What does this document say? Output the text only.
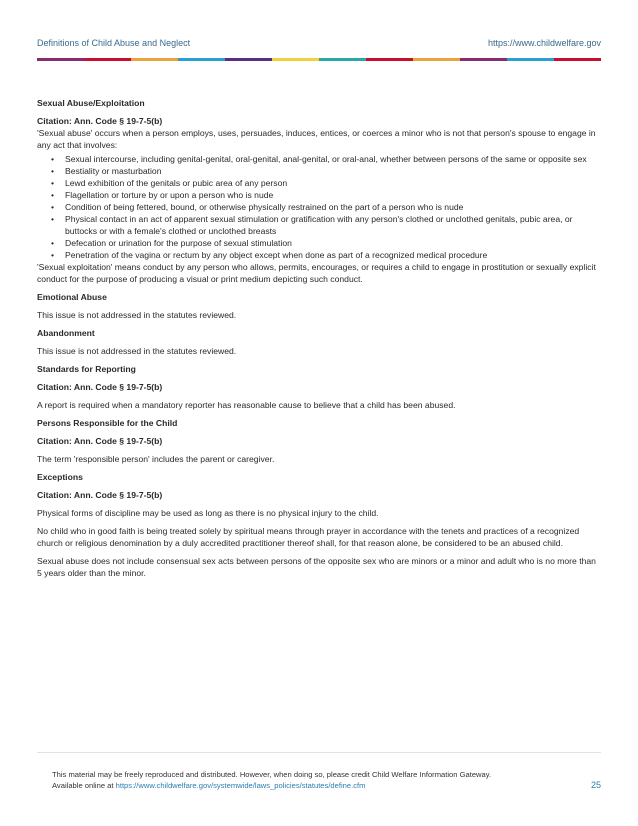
Definitions of Child Abuse and Neglect	https://www.childwelfare.gov

Sexual Abuse/Exploitation

Citation: Ann. Code § 19-7-5(b)

'Sexual abuse' occurs when a person employs, uses, persuades, induces, entices, or coerces a minor who is not that person's spouse to engage in any act that involves:

• Sexual intercourse, including genital-genital, oral-genital, anal-genital, or oral-anal, whether between persons of the same or opposite sex
• Bestiality or masturbation
• Lewd exhibition of the genitals or pubic area of any person
• Flagellation or torture by or upon a person who is nude
• Condition of being fettered, bound, or otherwise physically restrained on the part of a person who is nude
• Physical contact in an act of apparent sexual stimulation or gratification with any person's clothed or unclothed genitals, pubic area, or buttocks or with a female's clothed or unclothed breasts
• Defecation or urination for the purpose of sexual stimulation
• Penetration of the vagina or rectum by any object except when done as part of a recognized medical procedure

'Sexual exploitation' means conduct by any person who allows, permits, encourages, or requires a child to engage in prostitution or sexually explicit conduct for the purpose of producing a visual or print medium depicting such conduct.

Emotional Abuse

This issue is not addressed in the statutes reviewed.

Abandonment

This issue is not addressed in the statutes reviewed.

Standards for Reporting

Citation: Ann. Code § 19-7-5(b)

A report is required when a mandatory reporter has reasonable cause to believe that a child has been abused.

Persons Responsible for the Child

Citation: Ann. Code § 19-7-5(b)

The term 'responsible person' includes the parent or caregiver.

Exceptions

Citation: Ann. Code § 19-7-5(b)

Physical forms of discipline may be used as long as there is no physical injury to the child.

No child who in good faith is being treated solely by spiritual means through prayer in accordance with the tenets and practices of a recognized church or religious denomination by a duly accredited practitioner thereof shall, for that reason alone, be considered to be an abused child.

Sexual abuse does not include consensual sex acts between persons of the opposite sex who are minors or a minor and adult who is no more than 5 years older than the minor.

This material may be freely reproduced and distributed. However, when doing so, please credit Child Welfare Information Gateway.
Available online at https://www.childwelfare.gov/systemwide/laws_policies/statutes/define.cfm	25
